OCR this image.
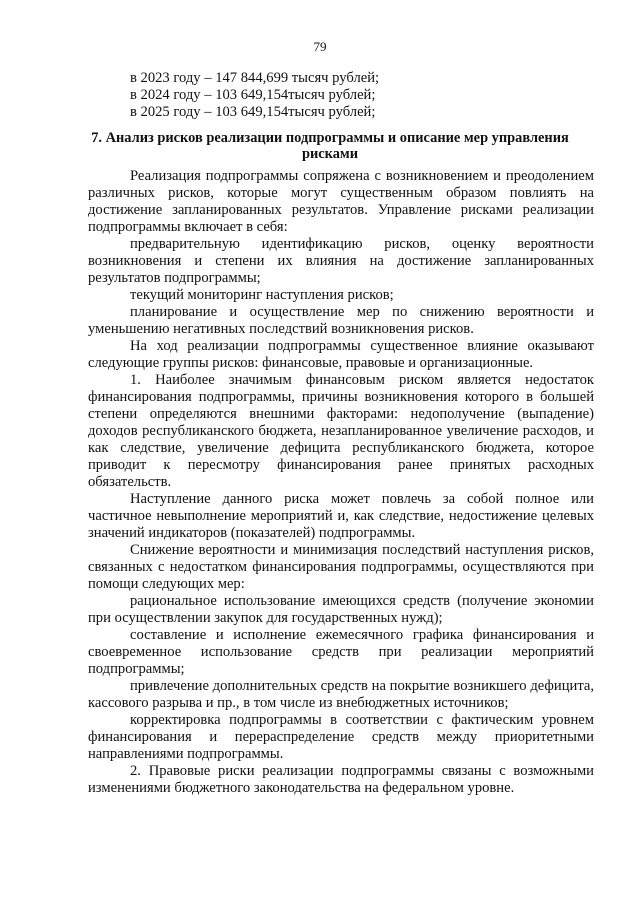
79
в 2023 году – 147 844,699 тысяч рублей;
в 2024 году – 103 649,154тысяч рублей;
в 2025 году – 103 649,154тысяч рублей;
7. Анализ рисков реализации подпрограммы и описание мер управления рисками

Реализация подпрограммы сопряжена с возникновением и преодолением различных рисков, которые могут существенным образом повлиять на достижение запланированных результатов. Управление рисками реализации подпрограммы включает в себя:

предварительную идентификацию рисков, оценку вероятности возникновения и степени их влияния на достижение запланированных результатов подпрограммы;

текущий мониторинг наступления рисков;

планирование и осуществление мер по снижению вероятности и уменьшению негативных последствий возникновения рисков.

На ход реализации подпрограммы существенное влияние оказывают следующие группы рисков: финансовые, правовые и организационные.

1. Наиболее значимым финансовым риском является недостаток финансирования подпрограммы, причины возникновения которого в большей степени определяются внешними факторами: недополучение (выпадение) доходов республиканского бюджета, незапланированное увеличение расходов, и как следствие, увеличение дефицита республиканского бюджета, которое приводит к пересмотру финансирования ранее принятых расходных обязательств.

Наступление данного риска может повлечь за собой полное или частичное невыполнение мероприятий и, как следствие, недостижение целевых значений индикаторов (показателей) подпрограммы.

Снижение вероятности и минимизация последствий наступления рисков, связанных с недостатком финансирования подпрограммы, осуществляются при помощи следующих мер:

рациональное использование имеющихся средств (получение экономии при осуществлении закупок для государственных нужд);

составление и исполнение ежемесячного графика финансирования и своевременное использование средств при реализации мероприятий подпрограммы;

привлечение дополнительных средств на покрытие возникшего дефицита, кассового разрыва и пр., в том числе из внебюджетных источников;

корректировка подпрограммы в соответствии с фактическим уровнем финансирования и перераспределение средств между приоритетными направлениями подпрограммы.

2. Правовые риски реализации подпрограммы связаны с возможными изменениями бюджетного законодательства на федеральном уровне.
